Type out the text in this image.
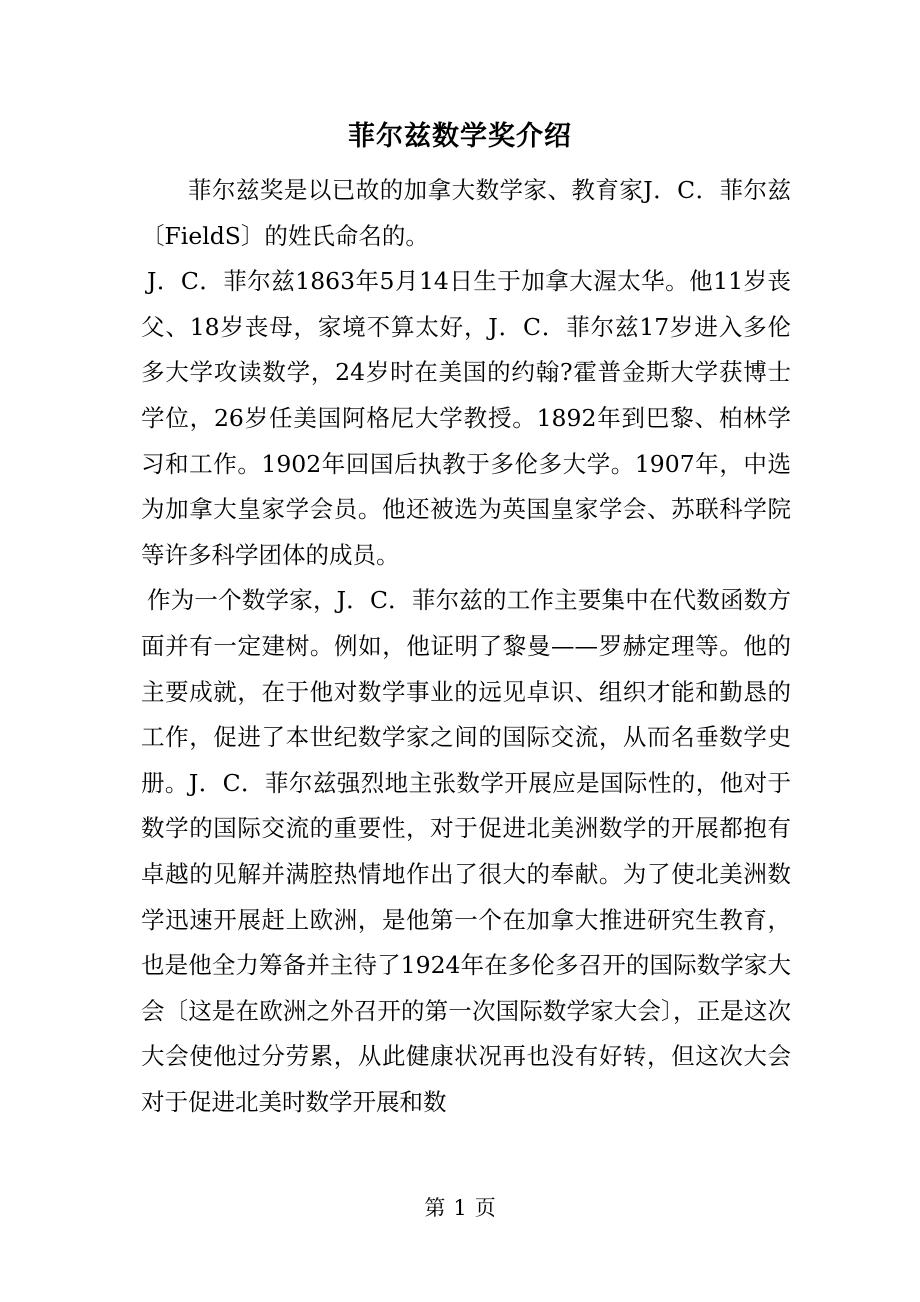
菲尔兹数学奖介绍

菲尔兹奖是以已故的加拿大数学家、教育家J．C．菲尔兹〔FieldS〕的姓氏命名的。

J．C．菲尔兹1863年5月14日生于加拿大渥太华。他11岁丧父、18岁丧母，家境不算太好，J．C．菲尔兹17岁进入多伦多大学攻读数学，24岁时在美国的约翰?霍普金斯大学获博士学位，26岁任美国阿格尼大学教授。1892年到巴黎、柏林学习和工作。1902年回国后执教于多伦多大学。1907年，中选为加拿大皇家学会员。他还被选为英国皇家学会、苏联科学院等许多科学团体的成员。

作为一个数学家，J．C．菲尔兹的工作主要集中在代数函数方面并有一定建树。例如，他证明了黎曼——罗赫定理等。他的主要成就，在于他对数学事业的远见卓识、组织才能和勤恳的工作，促进了本世纪数学家之间的国际交流，从而名垂数学史册。J．C．菲尔兹强烈地主张数学开展应是国际性的，他对于数学的国际交流的重要性，对于促进北美洲数学的开展都抱有卓越的见解并满腔热情地作出了很大的奉献。为了使北美洲数学迅速开展赶上欧洲，是他第一个在加拿大推进研究生教育，也是他全力筹备并主待了1924年在多伦多召开的国际数学家大会〔这是在欧洲之外召开的第一次国际数学家大会〕，正是这次大会使他过分劳累，从此健康状况再也没有好转，但这次大会对于促进北美时数学开展和数

第 1 页
